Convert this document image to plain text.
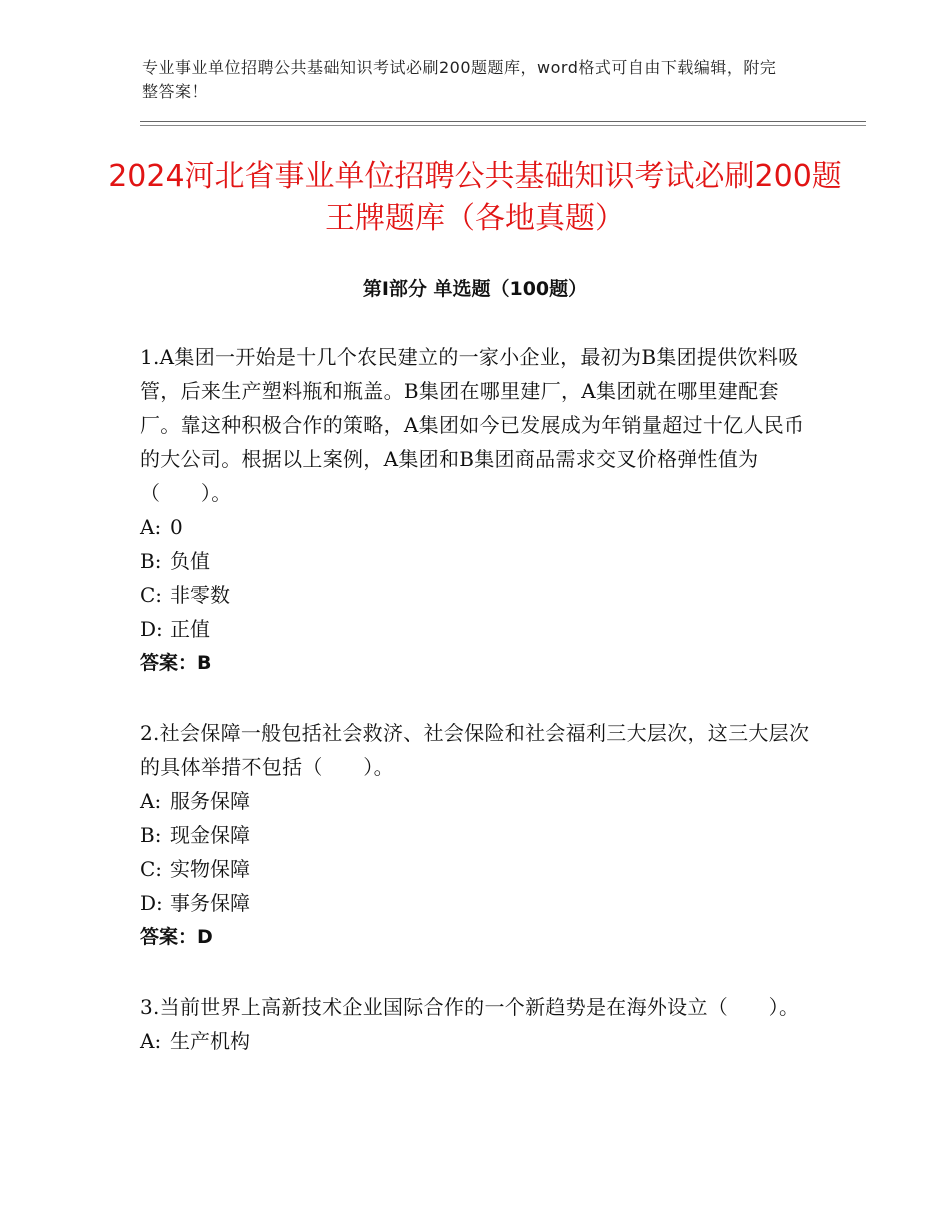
专业事业单位招聘公共基础知识考试必刷200题题库，word格式可自由下载编辑，附完整答案！
2024河北省事业单位招聘公共基础知识考试必刷200题王牌题库（各地真题）
第Ⅰ部分 单选题（100题）

1.A集团一开始是十几个农民建立的一家小企业，最初为B集团提供饮料吸管，后来生产塑料瓶和瓶盖。B集团在哪里建厂，A集团就在哪里建配套厂。靠这种积极合作的策略，A集团如今已发展成为年销量超过十亿人民币的大公司。根据以上案例，A集团和B集团商品需求交叉价格弹性值为（　　）。

A: 0

B: 负值

C: 非零数

D: 正值

答案：B

2.社会保障一般包括社会救济、社会保险和社会福利三大层次，这三大层次的具体举措不包括（　　）。

A: 服务保障

B: 现金保障

C: 实物保障

D: 事务保障

答案：D

3.当前世界上高新技术企业国际合作的一个新趋势是在海外设立（　　）。

A: 生产机构
